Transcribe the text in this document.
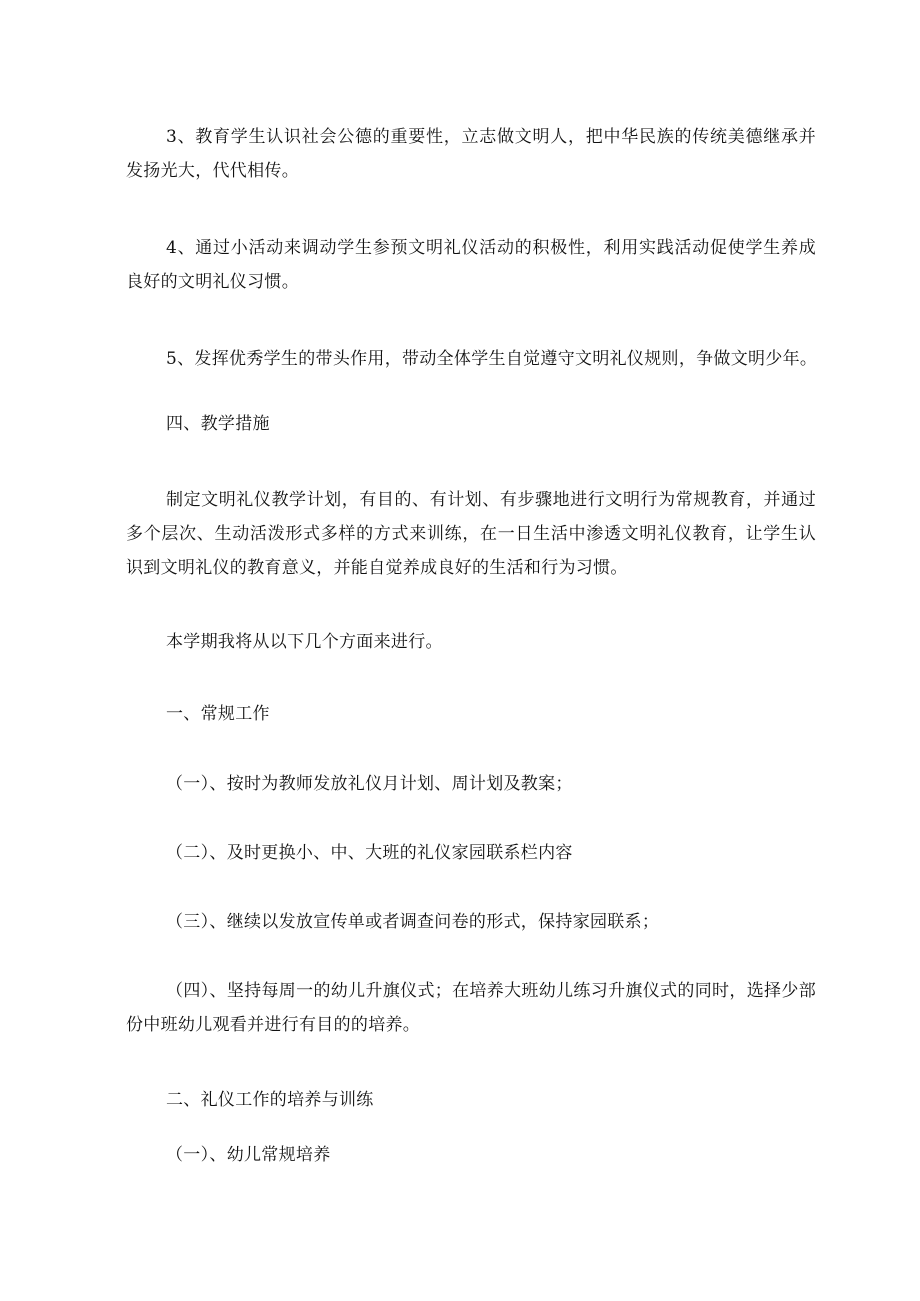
3、教育学生认识社会公德的重要性，立志做文明人，把中华民族的传统美德继承并发扬光大，代代相传。

4、通过小活动来调动学生参预文明礼仪活动的积极性，利用实践活动促使学生养成良好的文明礼仪习惯。

5、发挥优秀学生的带头作用，带动全体学生自觉遵守文明礼仪规则，争做文明少年。

四、教学措施

制定文明礼仪教学计划，有目的、有计划、有步骤地进行文明行为常规教育，并通过多个层次、生动活泼形式多样的方式来训练，在一日生活中渗透文明礼仪教育，让学生认识到文明礼仪的教育意义，并能自觉养成良好的生活和行为习惯。

本学期我将从以下几个方面来进行。

一、常规工作

（一）、按时为教师发放礼仪月计划、周计划及教案；

（二）、及时更换小、中、大班的礼仪家园联系栏内容

（三）、继续以发放宣传单或者调查问卷的形式，保持家园联系；

（四）、坚持每周一的幼儿升旗仪式；在培养大班幼儿练习升旗仪式的同时，选择少部份中班幼儿观看并进行有目的的培养。

二、礼仪工作的培养与训练

（一）、幼儿常规培养
